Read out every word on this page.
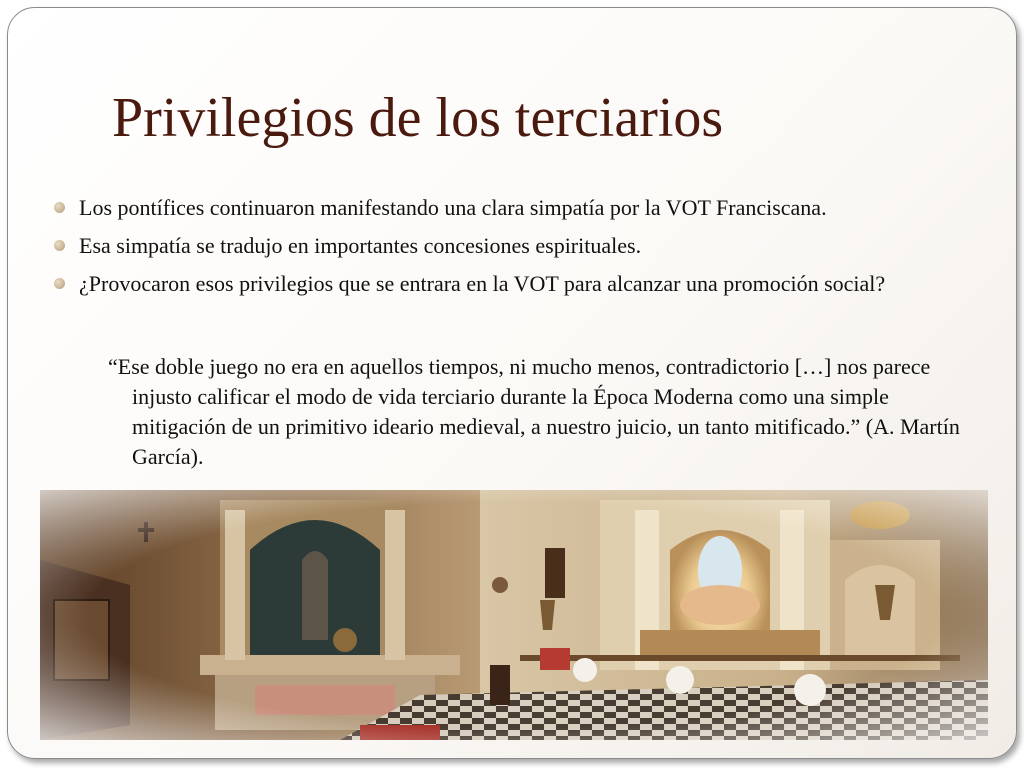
Privilegios de los terciarios
Los pontífices continuaron manifestando una clara simpatía por la VOT Franciscana.
Esa simpatía se tradujo en importantes concesiones espirituales.
¿Provocaron esos privilegios que se entrara en la VOT para alcanzar una promoción social?

“Ese doble juego no era en aquellos tiempos, ni mucho menos, contradictorio […] nos parece injusto calificar el modo de vida terciario durante la Época Moderna como una simple mitigación de un primitivo ideario medieval, a nuestro juicio, un tanto mitificado.” (A. Martín García).
